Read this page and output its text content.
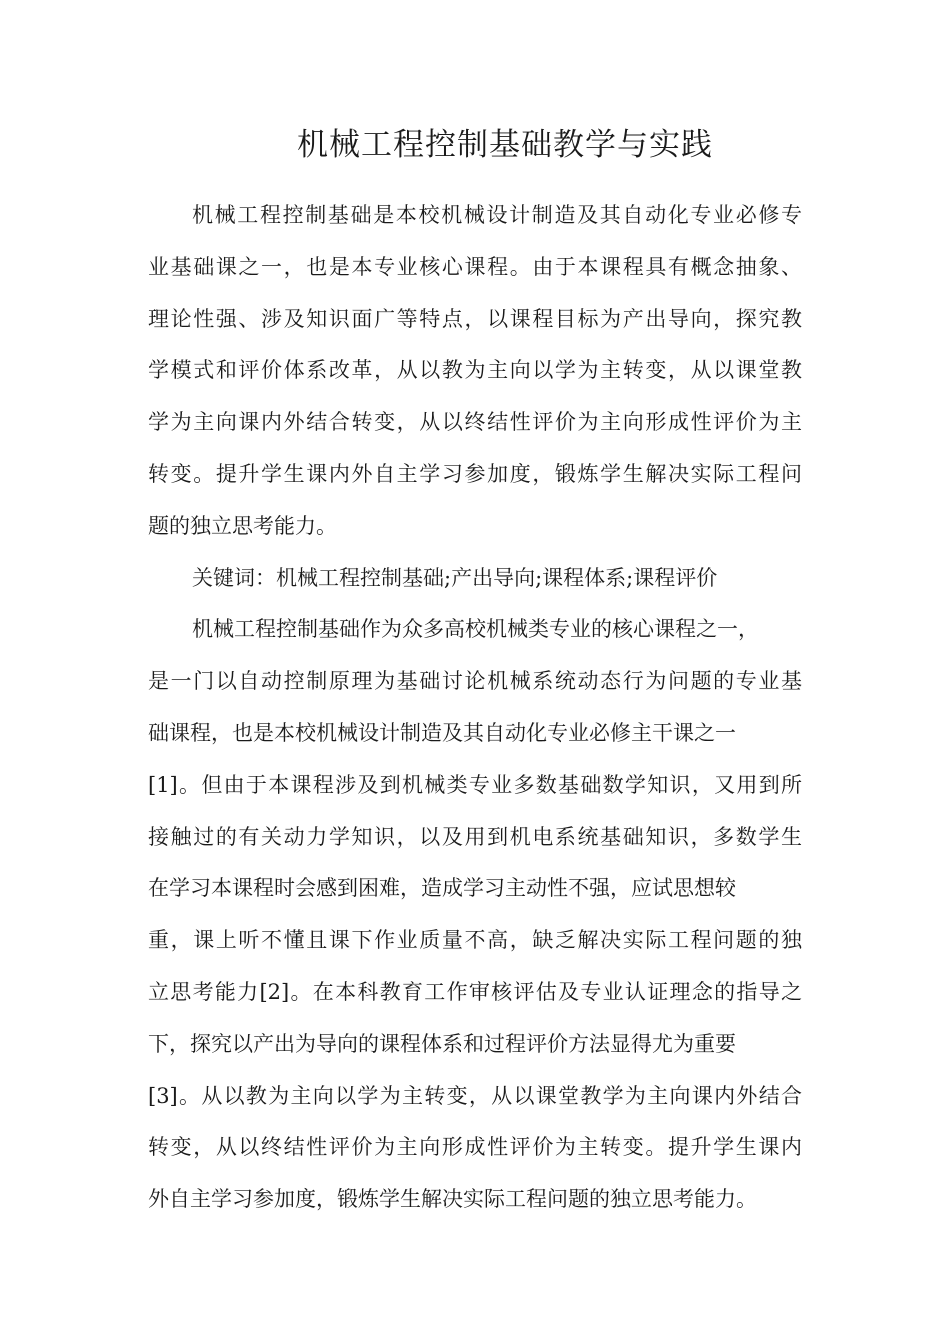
机械工程控制基础教学与实践
机械工程控制基础是本校机械设计制造及其自动化专业必修专
业基础课之一，也是本专业核心课程。由于本课程具有概念抽象、
理论性强、涉及知识面广等特点，以课程目标为产出导向，探究教
学模式和评价体系改革，从以教为主向以学为主转变，从以课堂教
学为主向课内外结合转变，从以终结性评价为主向形成性评价为主
转变。提升学生课内外自主学习参加度，锻炼学生解决实际工程问
题的独立思考能力。
关键词：机械工程控制基础;产出导向;课程体系;课程评价
机械工程控制基础作为众多高校机械类专业的核心课程之一，
是一门以自动控制原理为基础讨论机械系统动态行为问题的专业基
础课程，也是本校机械设计制造及其自动化专业必修主干课之一
[1]。但由于本课程涉及到机械类专业多数基础数学知识，又用到所
接触过的有关动力学知识，以及用到机电系统基础知识，多数学生
在学习本课程时会感到困难，造成学习主动性不强，应试思想较
重，课上听不懂且课下作业质量不高，缺乏解决实际工程问题的独
立思考能力[2]。在本科教育工作审核评估及专业认证理念的指导之
下，探究以产出为导向的课程体系和过程评价方法显得尤为重要
[3]。从以教为主向以学为主转变，从以课堂教学为主向课内外结合
转变，从以终结性评价为主向形成性评价为主转变。提升学生课内
外自主学习参加度，锻炼学生解决实际工程问题的独立思考能力。
